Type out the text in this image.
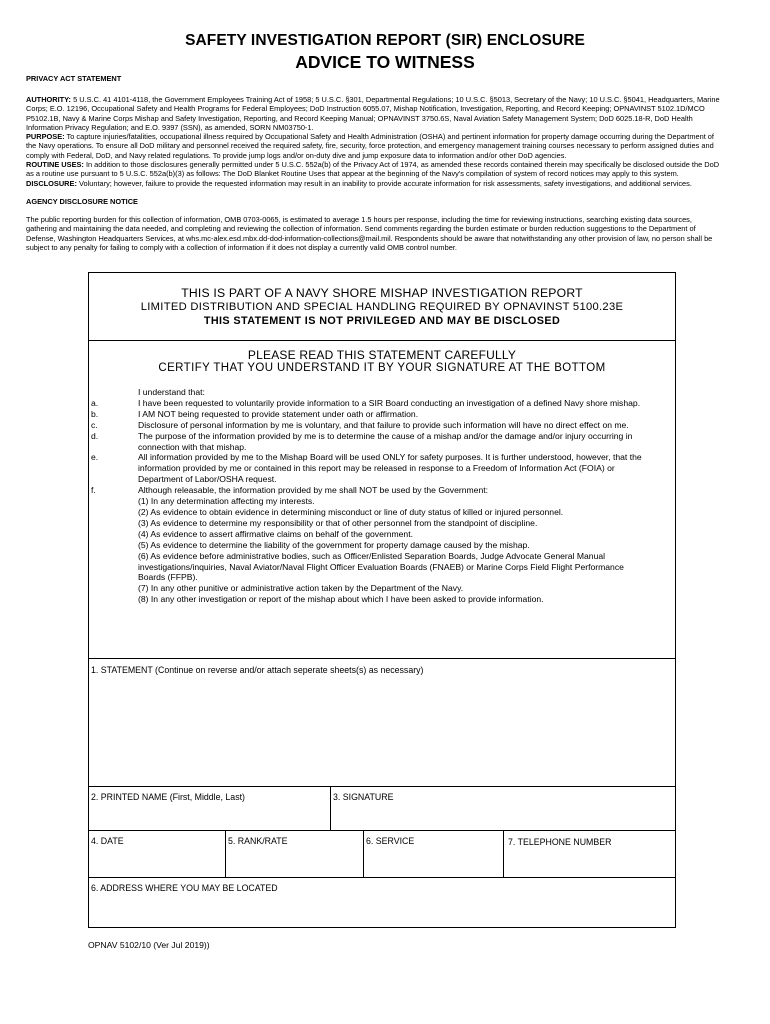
SAFETY INVESTIGATION REPORT (SIR) ENCLOSURE
ADVICE TO WITNESS
PRIVACY ACT STATEMENT

AUTHORITY: 5 U.S.C. 41 4101-4118, the Government Employees Training Act of 1958; 5 U.S.C. §301, Departmental Regulations; 10 U.S.C. §5013, Secretary of the Navy; 10 U.S.C. §5041, Headquarters, Marine Corps; E.O. 12196, Occupational Safety and Health Programs for Federal Employees; DoD Instruction 6055.07, Mishap Notification, Investigation, Reporting, and Record Keeping; OPNAVINST 5102.1D/MCO P5102.1B, Navy & Marine Corps Mishap and Safety Investigation, Reporting, and Record Keeping Manual; OPNAVINST 3750.6S, Naval Aviation Safety Management System; DoD 6025.18-R, DoD Health Information Privacy Regulation; and E.O. 9397 (SSN), as amended, SORN NM03750-1.
PURPOSE: To capture injuries/fatalities, occupational illness required by Occupational Safety and Health Administration (OSHA) and pertinent information for property damage occurring during the Department of the Navy operations. To ensure all DoD military and personnel received the required safety, fire, security, force protection, and emergency management training courses necessary to perform assigned duties and comply with Federal, DoD, and Navy related regulations. To provide jump logs and/or on-duty dive and jump exposure data to information and/or other DoD agencies.
ROUTINE USES: In addition to those disclosures generally permitted under 5 U.S.C. 552a(b) of the Privacy Act of 1974, as amended these records contained therein may specifically be disclosed outside the DoD as a routine use pursuant to 5 U.S.C. 552a(b)(3) as follows: The DoD Blanket Routine Uses that appear at the beginning of the Navy's compilation of system of record notices may apply to this system.
DISCLOSURE: Voluntary; however, failure to provide the requested information may result in an inability to provide accurate information for risk assessments, safety investigations, and additional services.

AGENCY DISCLOSURE NOTICE

The public reporting burden for this collection of information, OMB 0703-0065, is estimated to average 1.5 hours per response, including the time for reviewing instructions, searching existing data sources, gathering and maintaining the data needed, and completing and reviewing the collection of information. Send comments regarding the burden estimate or burden reduction suggestions to the Department of Defense, Washington Headquarters Services, at whs.mc-alex.esd.mbx.dd-dod-information-collections@mail.mil. Respondents should be aware that notwithstanding any other provision of law, no person shall be subject to any penalty for failing to comply with a collection of information if it does not display a currently valid OMB control number.

THIS IS PART OF A NAVY SHORE MISHAP INVESTIGATION REPORT
LIMITED DISTRIBUTION AND SPECIAL HANDLING REQUIRED BY OPNAVINST 5100.23E
THIS STATEMENT IS NOT PRIVILEGED AND MAY BE DISCLOSED
PLEASE READ THIS STATEMENT CAREFULLY
CERTIFY THAT YOU UNDERSTAND IT BY YOUR SIGNATURE AT THE BOTTOM
I understand that:
a.	I have been requested to voluntarily provide information to a SIR Board conducting an investigation of a defined Navy shore mishap.
b.	I AM NOT being requested to provide statement under oath or affirmation.
c.	Disclosure of personal information by me is voluntary, and that failure to provide such information will have no direct effect on me.
d.	The purpose of the information provided by me is to determine the cause of a mishap and/or the damage and/or injury occurring in connection with that mishap.
e.	All information provided by me to the Mishap Board will be used ONLY for safety purposes. It is further understood, however, that the information provided by me or contained in this report may be released in response to a Freedom of Information Act (FOIA) or Department of Labor/OSHA request.
f.	Although releasable, the information provided by me shall NOT be used by the Government:
(1) In any determination affecting my interests.
(2) As evidence to obtain evidence in determining misconduct or line of duty status of killed or injured personnel.
(3) As evidence to determine my responsibility or that of other personnel from the standpoint of discipline.
(4) As evidence to assert affirmative claims on behalf of the government.
(5) As evidence to determine the liability of the government for property damage caused by the mishap.
(6) As evidence before administrative bodies, such as Officer/Enlisted Separation Boards, Judge Advocate General Manual investigations/inquiries, Naval Aviator/Naval Flight Officer Evaluation Boards (FNAEB) or Marine Corps Field Flight Performance Boards (FFPB).
(7) In any other punitive or administrative action taken by the Department of the Navy.
(8) In any other investigation or report of the mishap about which I have been asked to provide information.
1. STATEMENT (Continue on reverse and/or attach seperate sheets(s) as necessary)
2. PRINTED NAME (First, Middle, Last)	3. SIGNATURE
4. DATE	5. RANK/RATE	6. SERVICE	7. TELEPHONE NUMBER
6. ADDRESS WHERE YOU MAY BE LOCATED
OPNAV 5102/10 (Ver Jul 2019))
